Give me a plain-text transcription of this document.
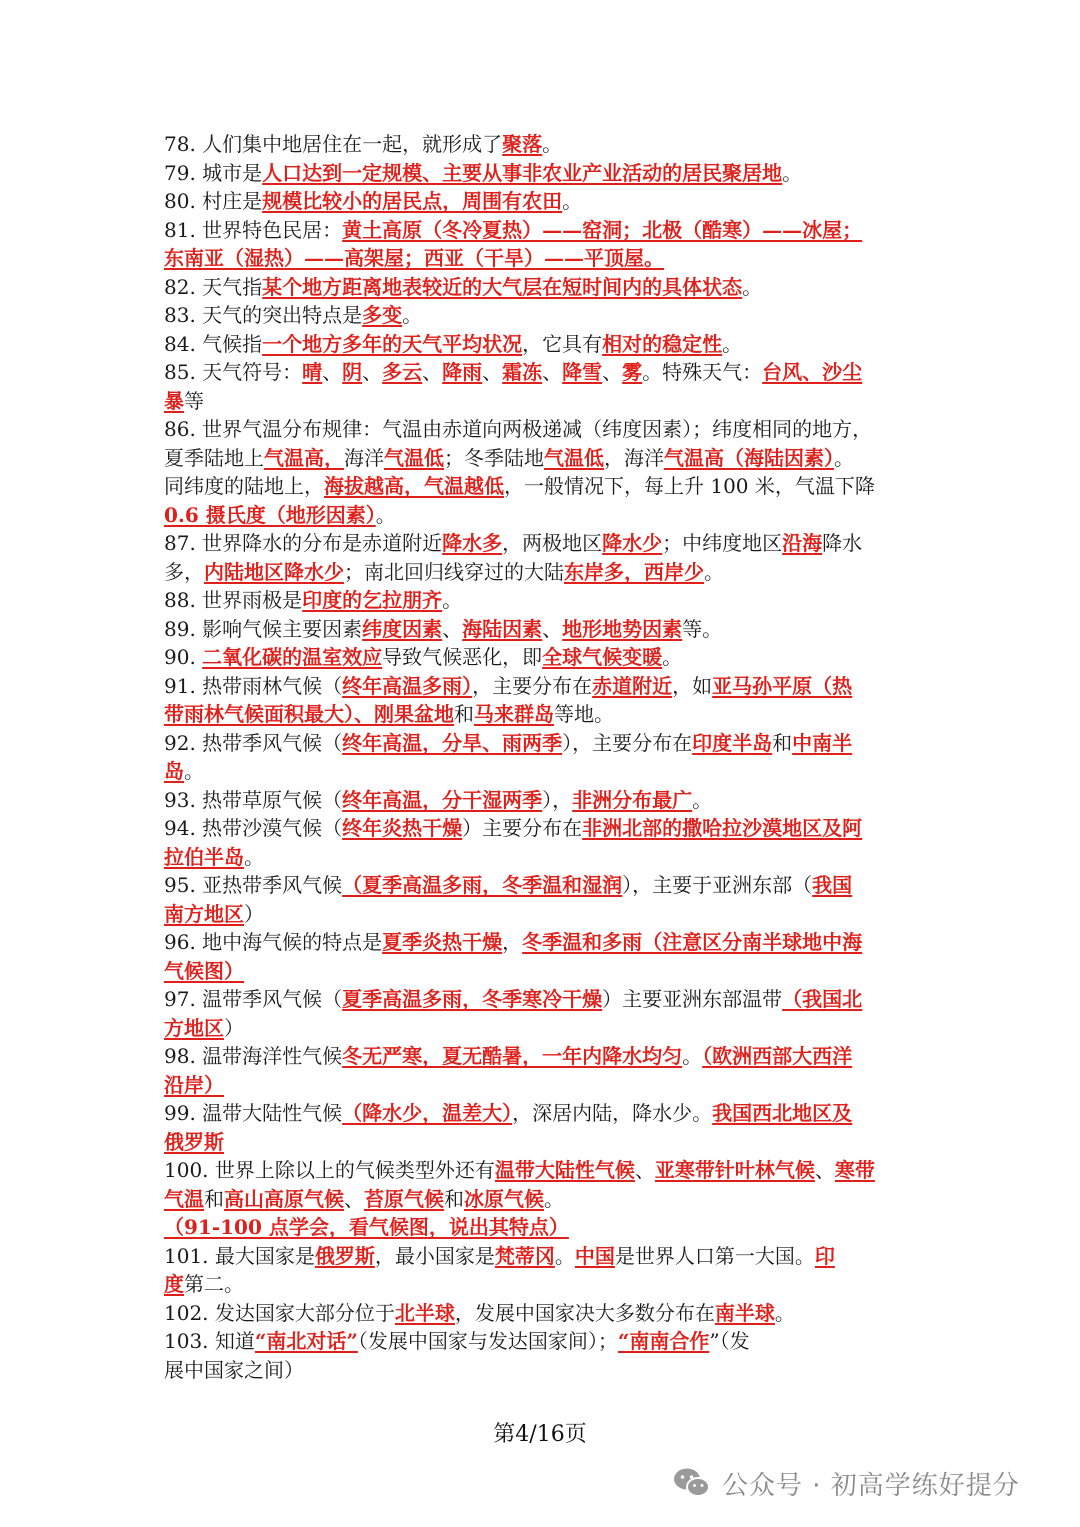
78. 人们集中地居住在一起，就形成了聚落。
79. 城市是人口达到一定规模、主要从事非农业产业活动的居民聚居地。
80. 村庄是规模比较小的居民点，周围有农田。
81. 世界特色民居：黄土高原（冬冷夏热）——窑洞；北极（酷寒）——冰屋；
东南亚（湿热）——高架屋；西亚（干旱）——平顶屋。
82. 天气指某个地方距离地表较近的大气层在短时间内的具体状态。
83. 天气的突出特点是多变。
84. 气候指一个地方多年的天气平均状况，它具有相对的稳定性。
85. 天气符号：晴、阴、多云、降雨、霜冻、降雪、雾。特殊天气：台风、沙尘
暴等
86. 世界气温分布规律：气温由赤道向两极递减（纬度因素）；纬度相同的地方，
夏季陆地上气温高，海洋气温低；冬季陆地气温低，海洋气温高（海陆因素）。
同纬度的陆地上，海拔越高，气温越低，一般情况下，每上升 100 米，气温下降
0.6 摄氏度（地形因素）。
87. 世界降水的分布是赤道附近降水多，两极地区降水少；中纬度地区沿海降水
多，内陆地区降水少；南北回归线穿过的大陆东岸多，西岸少。
88. 世界雨极是印度的乞拉朋齐。
89. 影响气候主要因素纬度因素、海陆因素、地形地势因素等。
90. 二氧化碳的温室效应导致气候恶化，即全球气候变暖。
91. 热带雨林气候（终年高温多雨），主要分布在赤道附近，如亚马孙平原（热
带雨林气候面积最大）、刚果盆地和马来群岛等地。
92. 热带季风气候（终年高温，分旱、雨两季），主要分布在印度半岛和中南半
岛。
93. 热带草原气候（终年高温，分干湿两季），非洲分布最广。
94. 热带沙漠气候（终年炎热干燥）主要分布在非洲北部的撒哈拉沙漠地区及阿
拉伯半岛。
95. 亚热带季风气候（夏季高温多雨，冬季温和湿润），主要于亚洲东部（我国
南方地区）
96. 地中海气候的特点是夏季炎热干燥，冬季温和多雨（注意区分南半球地中海
气候图）
97. 温带季风气候（夏季高温多雨，冬季寒冷干燥）主要亚洲东部温带（我国北
方地区）
98. 温带海洋性气候冬无严寒，夏无酷暑，一年内降水均匀。（欧洲西部大西洋
沿岸）
99. 温带大陆性气候（降水少，温差大），深居内陆，降水少。我国西北地区及
俄罗斯
100. 世界上除以上的气候类型外还有温带大陆性气候、亚寒带针叶林气候、寒带
气温和高山高原气候、苔原气候和冰原气候。
（91-100 点学会，看气候图，说出其特点）
101. 最大国家是俄罗斯，最小国家是梵蒂冈。中国是世界人口第一大国。印
度第二。
102. 发达国家大部分位于北半球，发展中国家决大多数分布在南半球。
103. 知道“南北对话”（发展中国家与发达国家间）；“南南合作”（发
展中国家之间）
第4/16页
公众号 · 初高学练好提分
